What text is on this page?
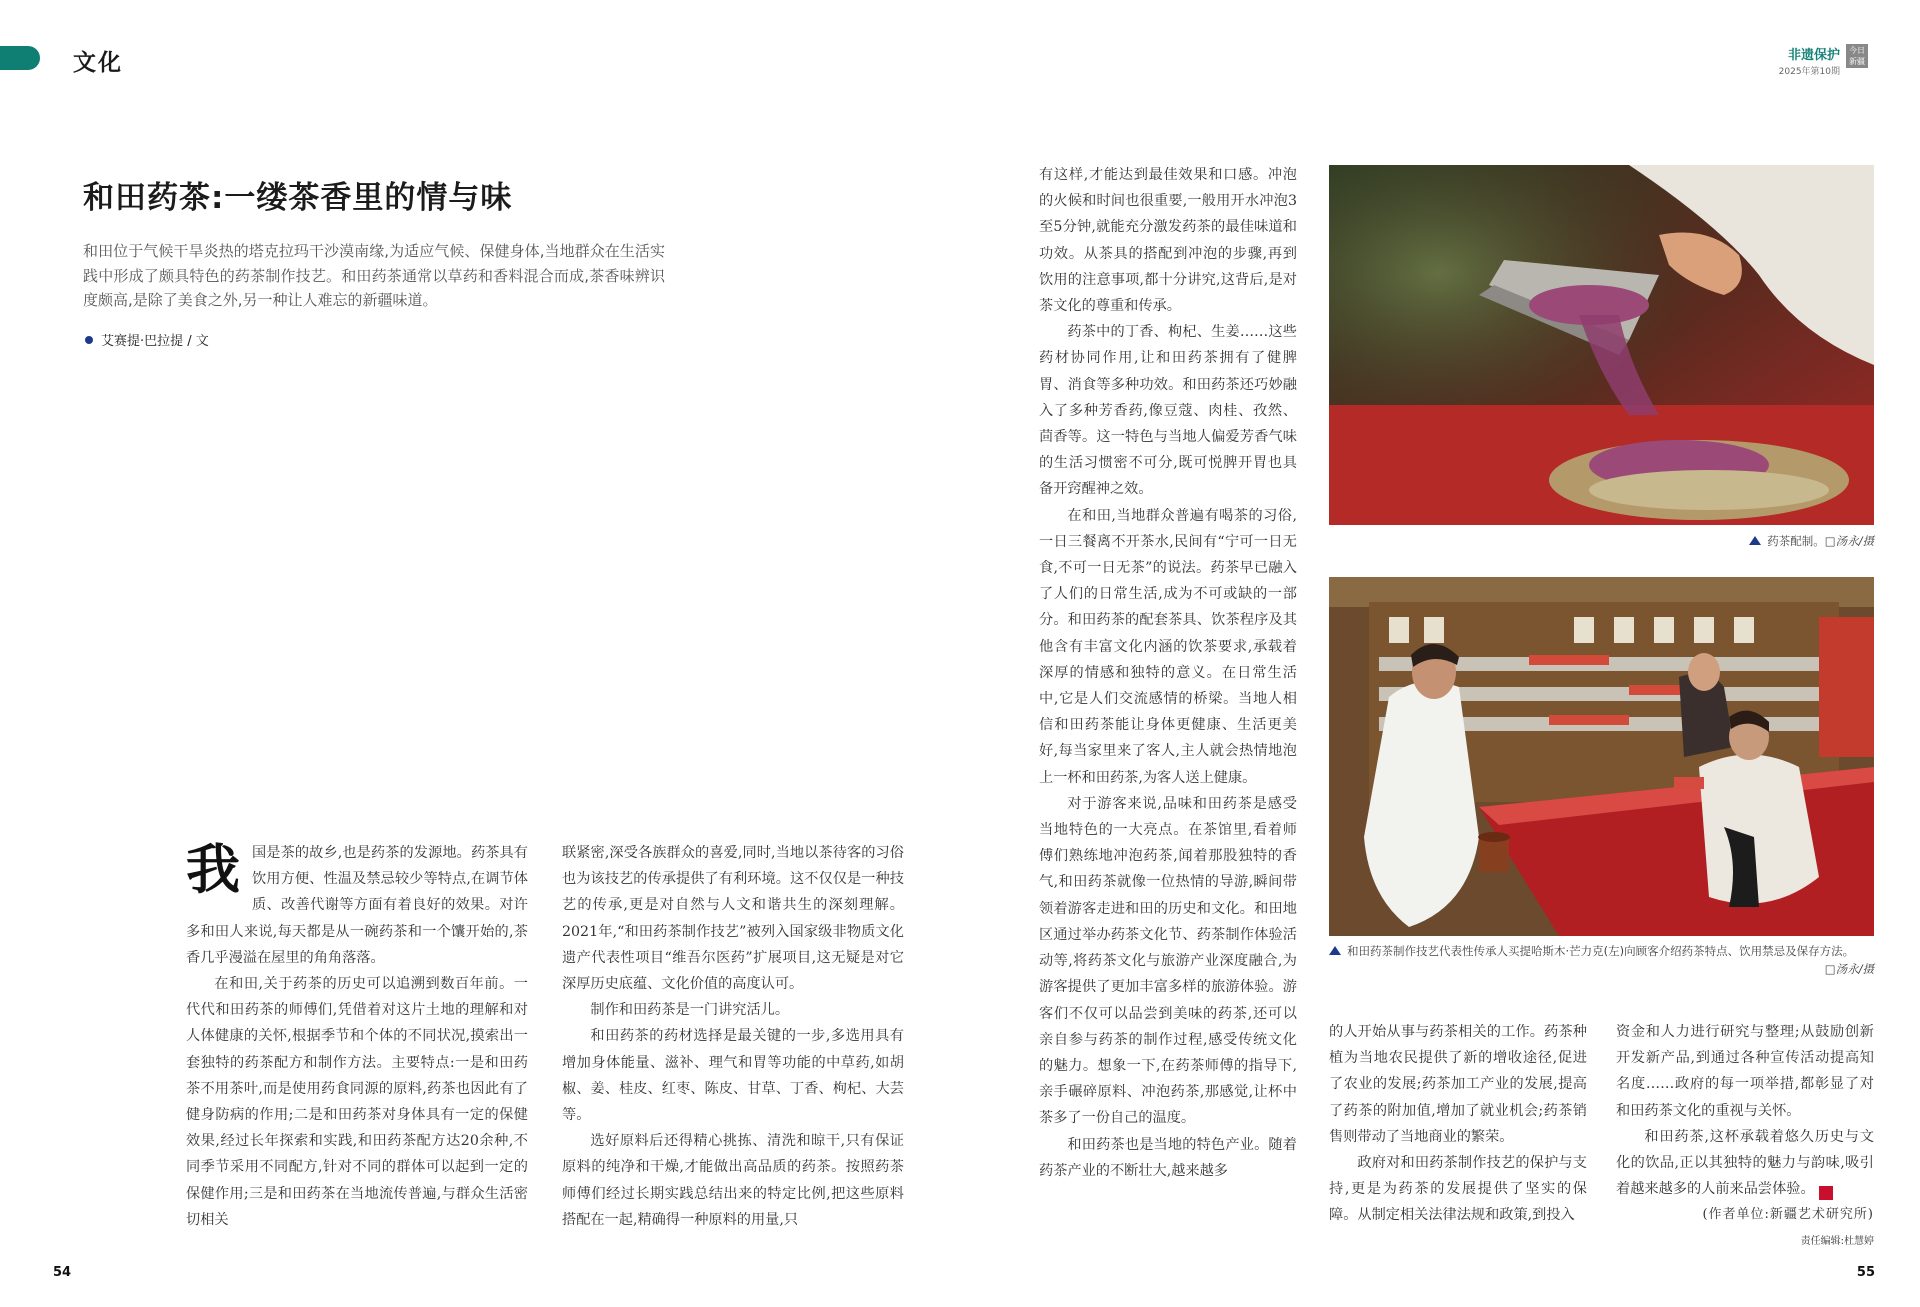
文化	非遗保护
2025年第10期
今日新疆
和田药茶:一缕茶香里的情与味
和田位于气候干旱炎热的塔克拉玛干沙漠南缘,为适应气候、保健身体,当地群众在生活实践中形成了颇具特色的药茶制作技艺。和田药茶通常以草药和香料混合而成,茶香味辨识度颇高,是除了美食之外,另一种让人难忘的新疆味道。
艾赛提·巴拉提 / 文

我国是茶的故乡,也是药茶的发源地。药茶具有饮用方便、性温及禁忌较少等特点,在调节体质、改善代谢等方面有着良好的效果。对许多和田人来说,每天都是从一碗药茶和一个馕开始的,茶香几乎漫溢在屋里的角角落落。

在和田,关于药茶的历史可以追溯到数百年前。一代代和田药茶的师傅们,凭借着对这片土地的理解和对人体健康的关怀,根据季节和个体的不同状况,摸索出一套独特的药茶配方和制作方法。主要特点:一是和田药茶不用茶叶,而是使用药食同源的原料,药茶也因此有了健身防病的作用;二是和田药茶对身体具有一定的保健效果,经过长年探索和实践,和田药茶配方达20余种,不同季节采用不同配方,针对不同的群体可以起到一定的保健作用;三是和田药茶在当地流传普遍,与群众生活密切相关

联紧密,深受各族群众的喜爱,同时,当地以茶待客的习俗也为该技艺的传承提供了有利环境。这不仅仅是一种技艺的传承,更是对自然与人文和谐共生的深刻理解。2021年,“和田药茶制作技艺”被列入国家级非物质文化遗产代表性项目“维吾尔医药”扩展项目,这无疑是对它深厚历史底蕴、文化价值的高度认可。

制作和田药茶是一门讲究活儿。

和田药茶的药材选择是最关键的一步,多选用具有增加身体能量、滋补、理气和胃等功能的中草药,如胡椒、姜、桂皮、红枣、陈皮、甘草、丁香、枸杞、大芸等。

选好原料后还得精心挑拣、清洗和晾干,只有保证原料的纯净和干燥,才能做出高品质的药茶。按照药茶师傅们经过长期实践总结出来的特定比例,把这些原料搭配在一起,精确得一种原料的用量,只

有这样,才能达到最佳效果和口感。冲泡的火候和时间也很重要,一般用开水冲泡3至5分钟,就能充分激发药茶的最佳味道和功效。从茶具的搭配到冲泡的步骤,再到饮用的注意事项,都十分讲究,这背后,是对茶文化的尊重和传承。

药茶中的丁香、枸杞、生姜……这些药材协同作用,让和田药茶拥有了健脾胃、消食等多种功效。和田药茶还巧妙融入了多种芳香药,像豆蔻、肉桂、孜然、茴香等。这一特色与当地人偏爱芳香气味的生活习惯密不可分,既可悦脾开胃也具备开窍醒神之效。

在和田,当地群众普遍有喝茶的习俗,一日三餐离不开茶水,民间有“宁可一日无食,不可一日无茶”的说法。药茶早已融入了人们的日常生活,成为不可或缺的一部分。和田药茶的配套茶具、饮茶程序及其他含有丰富文化内涵的饮茶要求,承载着深厚的情感和独特的意义。在日常生活中,它是人们交流感情的桥梁。当地人相信和田药茶能让身体更健康、生活更美好,每当家里来了客人,主人就会热情地泡上一杯和田药茶,为客人送上健康。

对于游客来说,品味和田药茶是感受当地特色的一大亮点。在茶馆里,看着师傅们熟练地冲泡药茶,闻着那股独特的香气,和田药茶就像一位热情的导游,瞬间带领着游客走进和田的历史和文化。和田地区通过举办药茶文化节、药茶制作体验活动等,将药茶文化与旅游产业深度融合,为游客提供了更加丰富多样的旅游体验。游客们不仅可以品尝到美味的药茶,还可以亲自参与药茶的制作过程,感受传统文化的魅力。想象一下,在药茶师傅的指导下,亲手碾碎原料、冲泡药茶,那感觉,让杯中茶多了一份自己的温度。

和田药茶也是当地的特色产业。随着药茶产业的不断壮大,越来越多

药茶配制。□汤永/摄
和田药茶制作技艺代表性传承人买提哈斯木·芒力克(左)向顾客介绍药茶特点、饮用禁忌及保存方法。
□汤永/摄

的人开始从事与药茶相关的工作。药茶种植为当地农民提供了新的增收途径,促进了农业的发展;药茶加工产业的发展,提高了药茶的附加值,增加了就业机会;药茶销售则带动了当地商业的繁荣。

政府对和田药茶制作技艺的保护与支持,更是为药茶的发展提供了坚实的保障。从制定相关法律法规和政策,到投入

资金和人力进行研究与整理;从鼓励创新开发新产品,到通过各种宣传活动提高知名度……政府的每一项举措,都彰显了对和田药茶文化的重视与关怀。

和田药茶,这杯承载着悠久历史与文化的饮品,正以其独特的魅力与韵味,吸引着越来越多的人前来品尝体验。	J

(作者单位:新疆艺术研究所)
责任编辑:杜慧婷
54	55
